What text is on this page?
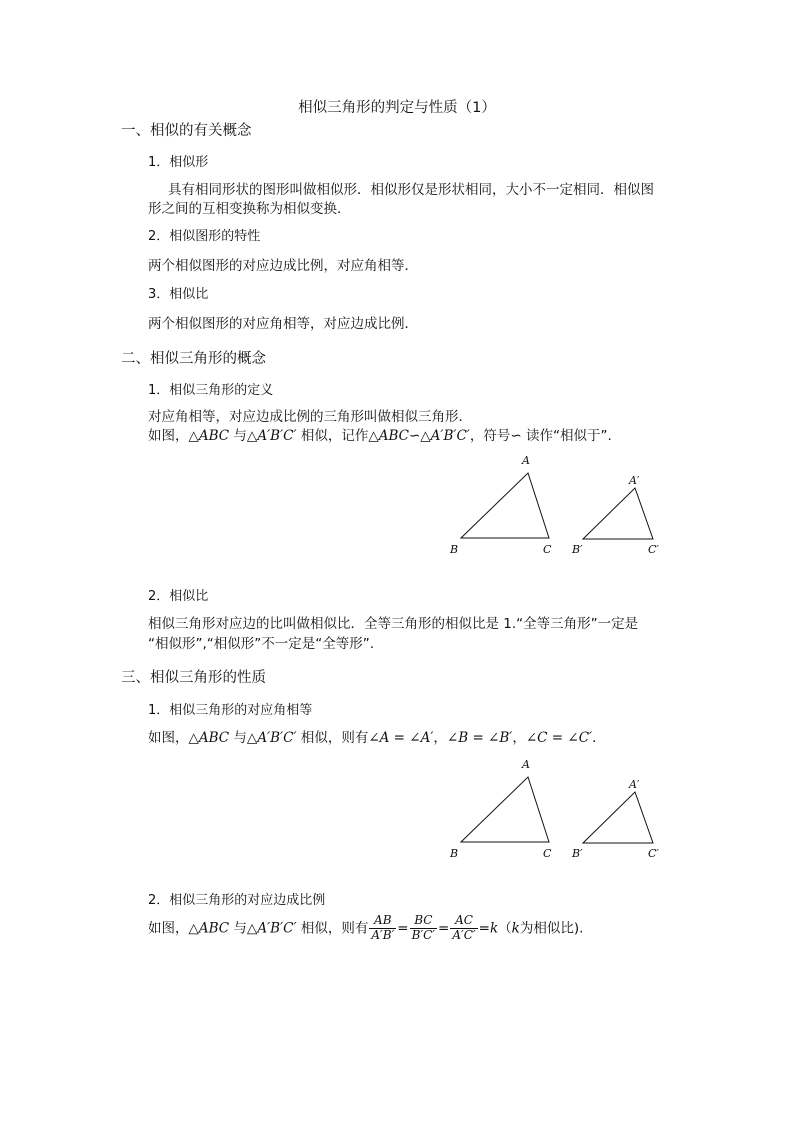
相似三角形的判定与性质（1）
一、相似的有关概念
1．相似形
具有相同形状的图形叫做相似形．相似形仅是形状相同，大小不一定相同．相似图
形之间的互相变换称为相似变换．
2．相似图形的特性
两个相似图形的对应边成比例，对应角相等．
3．相似比
两个相似图形的对应角相等，对应边成比例．
二、相似三角形的概念
1．相似三角形的定义
对应角相等，对应边成比例的三角形叫做相似三角形．
如图，△ABC 与△A′B′C′ 相似，记作△ABC∽△A′B′C′，符号∽ 读作“相似于”.
A
B	C
A′
B′	C′
2．相似比
相似三角形对应边的比叫做相似比．全等三角形的相似比是 1.“全等三角形”一定是
“相似形”,“相似形”不一定是“全等形”.
三、相似三角形的性质
1．相似三角形的对应角相等
如图，△ABC 与△A′B′C′ 相似，则有∠A = ∠A′，∠B = ∠B′，∠C = ∠C′．
A
B	C
A′
B′	C′
2．相似三角形的对应边成比例
如图，△ABC 与△A′B′C′ 相似，则有 $\frac{AB}{A'B'} = \frac{BC}{B'C'} = \frac{AC}{A'C'} =k(k$为相似比).
